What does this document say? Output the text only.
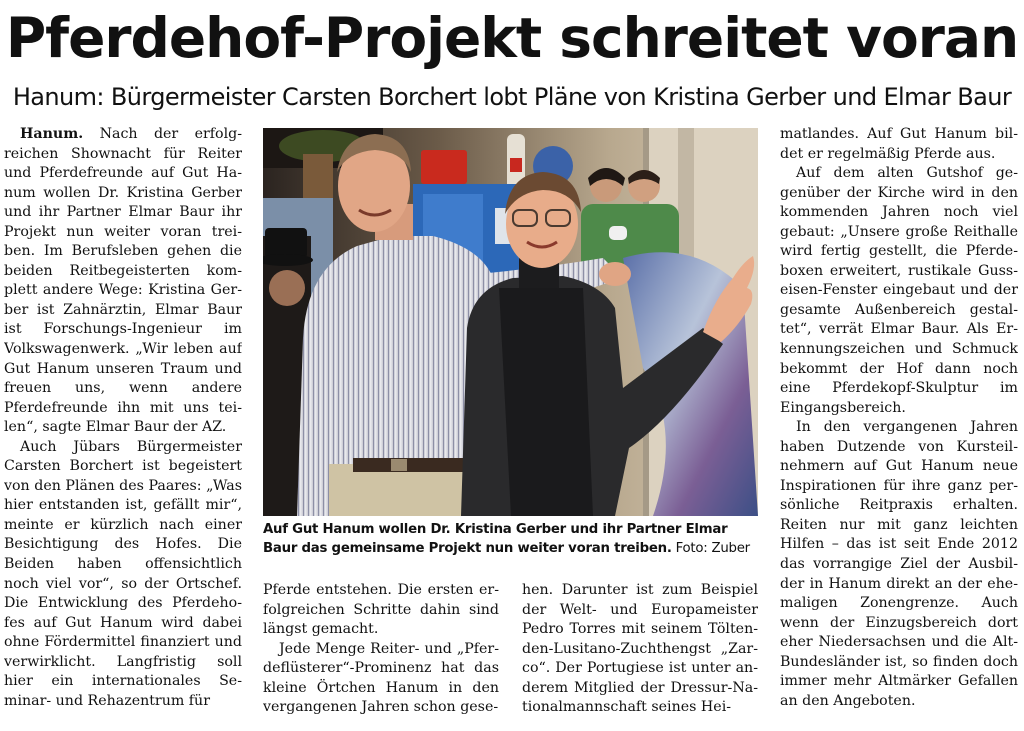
Pferdehof-Projekt schreitet voran
Hanum: Bürgermeister Carsten Borchert lobt Pläne von Kristina Gerber und Elmar Baur

Hanum. Nach der erfolg-reichen Shownacht für Reiter und Pferdefreunde auf Gut Ha-num wollen Dr. Kristina Gerber und ihr Partner Elmar Baur ihr Projekt nun weiter voran trei-ben. Im Berufsleben gehen die beiden Reitbegeisterten kom-plett andere Wege: Kristina Ger-ber ist Zahnärztin, Elmar Baur ist Forschungs-Ingenieur im Volkswagenwerk. „Wir leben auf Gut Hanum unseren Traum und freuen uns, wenn andere Pferdefreunde ihn mit uns tei-len“, sagte Elmar Baur der AZ.

Auch Jübars Bürgermeister Carsten Borchert ist begeistert von den Plänen des Paares: „Was hier entstanden ist, gefällt mir“, meinte er kürzlich nach einer Besichtigung des Hofes. Die Beiden haben offensichtlich noch viel vor“, so der Ortschef. Die Entwicklung des Pferdeho-fes auf Gut Hanum wird dabei ohne Fördermittel finanziert und verwirklicht. Langfristig soll hier ein internationales Se-minar- und Rehazentrum für

Pferde entstehen. Die ersten er-folgreichen Schritte dahin sind längst gemacht.

Jede Menge Reiter- und „Pfer-deflüsterer“-Prominenz hat das kleine Örtchen Hanum in den vergangenen Jahren schon gese-

hen. Darunter ist zum Beispiel der Welt- und Europameister Pedro Torres mit seinem Tölten-den-Lusitano-Zuchthengst „Zar-co“. Der Portugiese ist unter an-derem Mitglied der Dressur-Na-tionalmannschaft seines Hei-

matlandes. Auf Gut Hanum bil-det er regelmäßig Pferde aus.

Auf dem alten Gutshof ge-genüber der Kirche wird in den kommenden Jahren noch viel gebaut: „Unsere große Reithalle wird fertig gestellt, die Pferde-boxen erweitert, rustikale Guss-eisen-Fenster eingebaut und der gesamte Außenbereich gestal-tet“, verrät Elmar Baur. Als Er-kennungszeichen und Schmuck bekommt der Hof dann noch eine Pferdekopf-Skulptur im Eingangsbereich.

In den vergangenen Jahren haben Dutzende von Kursteil-nehmern auf Gut Hanum neue Inspirationen für ihre ganz per-sönliche Reitpraxis erhalten. Reiten nur mit ganz leichten Hilfen – das ist seit Ende 2012 das vorrangige Ziel der Ausbil-der in Hanum direkt an der ehe-maligen Zonengrenze. Auch wenn der Einzugsbereich dort eher Niedersachsen und die Alt-Bundesländer ist, so finden doch immer mehr Altmärker Gefallen an den Angeboten.

Auf Gut Hanum wollen Dr. Kristina Gerber und ihr Partner Elmar Baur das gemeinsame Projekt nun weiter voran treiben. Foto: Zuber
